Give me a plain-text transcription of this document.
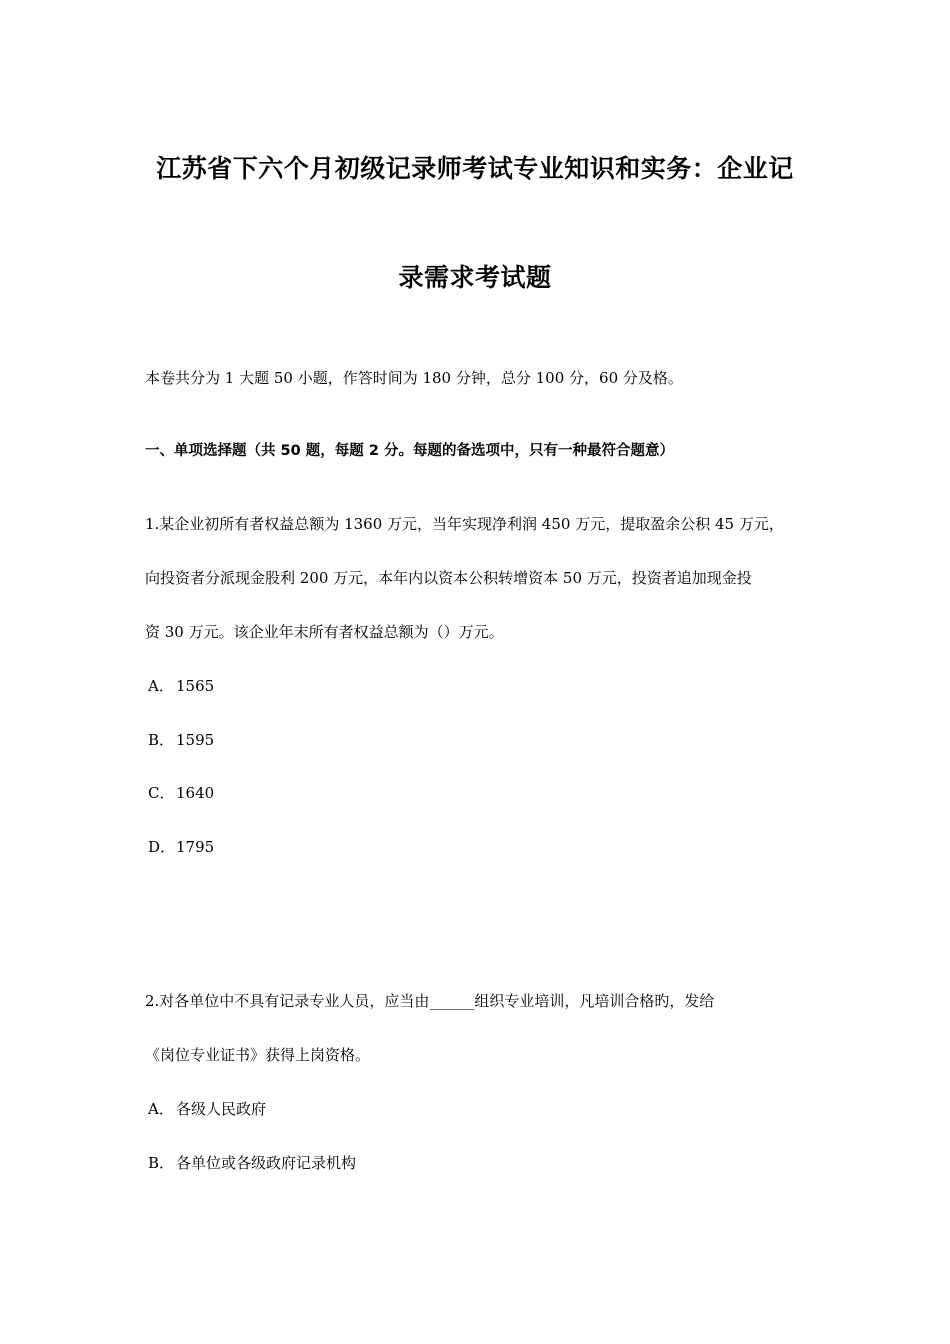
江苏省下六个月初级记录师考试专业知识和实务：企业记
录需求考试题
本卷共分为 1 大题 50 小题，作答时间为 180 分钟，总分 100 分，60 分及格。
一、单项选择题（共 50 题，每题 2 分。每题的备选项中，只有一种最符合题意）
1.某企业初所有者权益总额为 1360 万元，当年实现净利润 450 万元，提取盈余公积 45 万元，
向投资者分派现金股利 200 万元，本年内以资本公积转增资本 50 万元，投资者追加现金投
资 30 万元。该企业年末所有者权益总额为（）万元。
A． 1565
B． 1595
C． 1640
D．1795
2.对各单位中不具有记录专业人员，应当由______组织专业培训，凡培训合格旳，发给
《岗位专业证书》获得上岗资格。
A． 各级人民政府
B． 各单位或各级政府记录机构
